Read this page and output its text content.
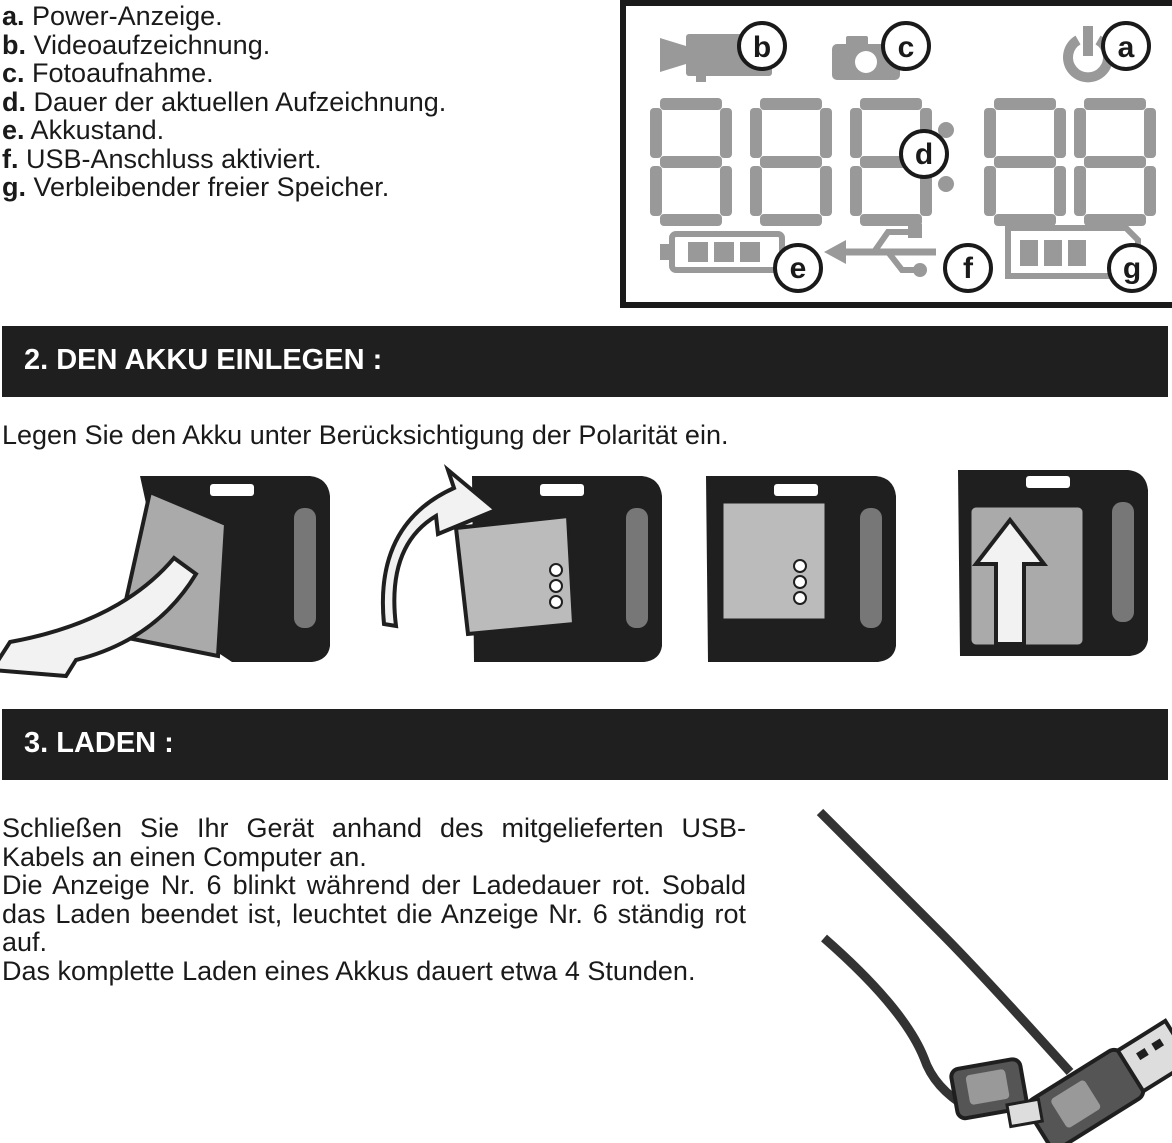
a. Power-Anzeige.
b. Videoaufzeichnung.
c. Fotoaufnahme.
d. Dauer der aktuellen Aufzeichnung.
e. Akkustand.
f. USB-Anschluss aktiviert.
g. Verbleibender freier Speicher.
b	c	a
d
e	f	g
2. DEN AKKU EINLEGEN :
Legen Sie den Akku unter Berücksichtigung der Polarität ein.
3. LADEN :

Schließen Sie Ihr Gerät anhand des mitgelieferten USB-Kabels an einen Computer an.

Die Anzeige Nr. 6 blinkt während der Ladedauer rot. Sobald das Laden beendet ist, leuchtet die Anzeige Nr. 6 ständig rot auf.

Das komplette Laden eines Akkus dauert etwa 4 Stunden.
